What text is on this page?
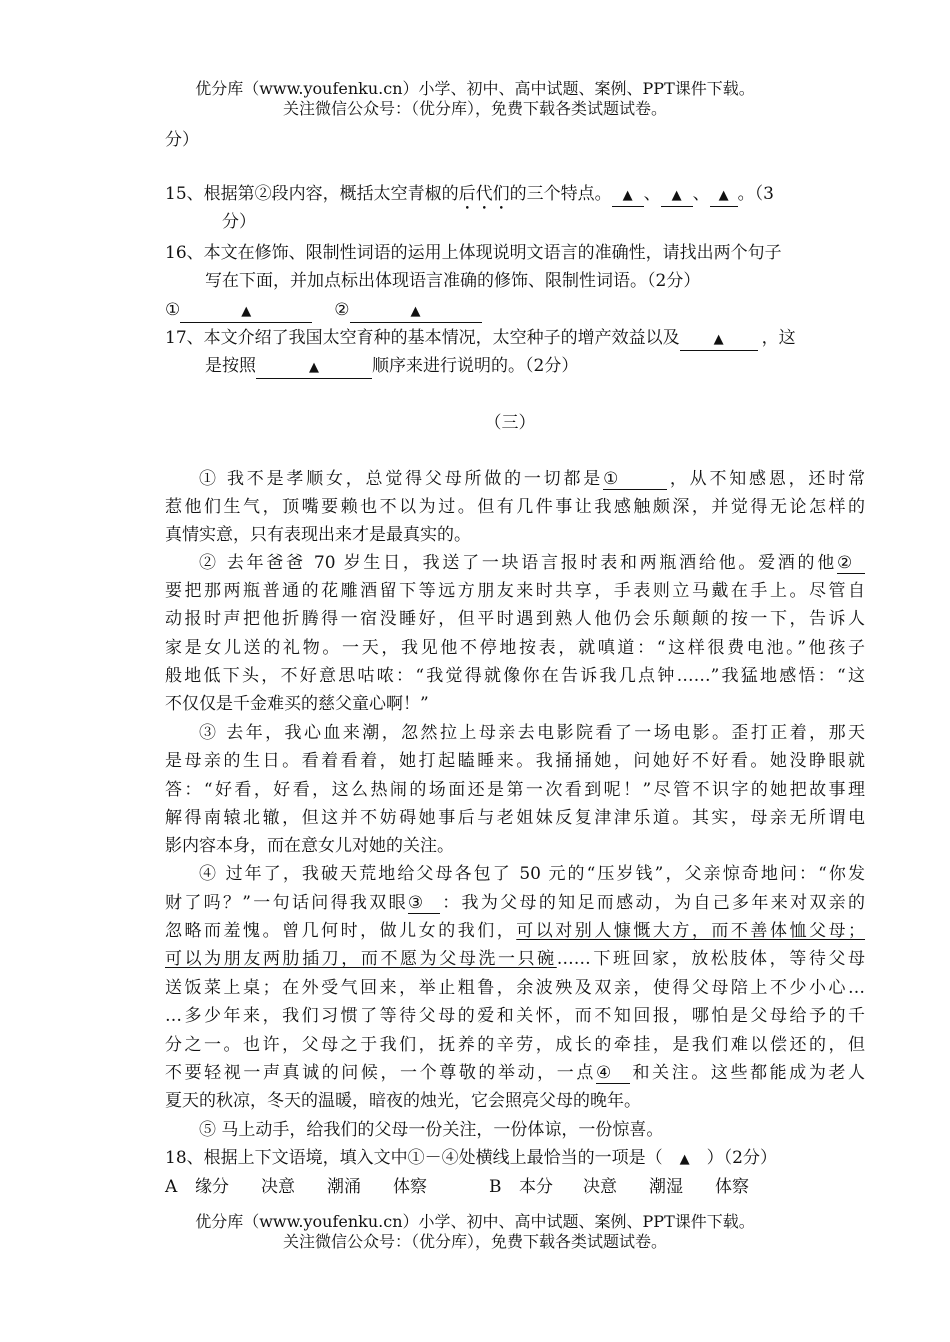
优分库（www.youfenku.cn）小学、初中、高中试题、案例、PPT课件下载。
关注微信公众号：（优分库），免费下载各类试题试卷。
分）
15、根据第②段内容，概括太空青椒的后代们的三个特点。 ▲ 、 ▲ 、 ▲ 。（3
分）
16、本文在修饰、限制性词语的运用上体现说明文语言的准确性，请找出两个句子
写在下面，并加点标出体现语言准确的修饰、限制性词语。（2分）
①	▲	②	▲
17、本文介绍了我国太空育种的基本情况，太空种子的增产效益以及	▲ ，这
是按照	▲	顺序来进行说明的。（2分）
（三）
① 我不是孝顺女，总觉得父母所做的一切都是①	，从不知感恩，还时常
惹他们生气，顶嘴要赖也不以为过。但有几件事让我感触颇深，并觉得无论怎样的
真情实意，只有表现出来才是最真实的。
② 去年爸爸 70 岁生日，我送了一块语言报时表和两瓶酒给他。爱酒的他②
要把那两瓶普通的花雕酒留下等远方朋友来时共享，手表则立马戴在手上。尽管自
动报时声把他折腾得一宿没睡好，但平时遇到熟人他仍会乐颠颠的按一下，告诉人
家是女儿送的礼物。一天，我见他不停地按表，就嗔道：“这样很费电池。”他孩子
般地低下头，不好意思咕哝：“我觉得就像你在告诉我几点钟……”我猛地感悟：“这
不仅仅是千金难买的慈父童心啊！”
③ 去年，我心血来潮，忽然拉上母亲去电影院看了一场电影。歪打正着，那天
是母亲的生日。看着看着，她打起瞌睡来。我捅捅她，问她好不好看。她没睁眼就
答：“好看，好看，这么热闹的场面还是第一次看到呢！”尽管不识字的她把故事理
解得南辕北辙，但这并不妨碍她事后与老姐妹反复津津乐道。其实，母亲无所谓电
影内容本身，而在意女儿对她的关注。
④ 过年了，我破天荒地给父母各包了 50 元的“压岁钱”，父亲惊奇地问：“你发
财了吗？”一句话问得我双眼③ ：我为父母的知足而感动，为自己多年来对双亲的
忽略而羞愧。曾几何时，做儿女的我们，可以对别人慷慨大方，而不善体恤父母；
可以为朋友两肋插刀，而不愿为父母洗一只碗……下班回家，放松肢体，等待父母
送饭菜上桌；在外受气回来，举止粗鲁，余波殃及双亲，使得父母陪上不少小心…
…多少年来，我们习惯了等待父母的爱和关怀，而不知回报，哪怕是父母给予的千
分之一。也许，父母之于我们，抚养的辛劳，成长的牵挂，是我们难以偿还的，但
不要轻视一声真诚的问候，一个尊敬的举动，一点④ 和关注。这些都能成为老人
夏天的秋凉，冬天的温暖，暗夜的烛光，它会照亮父母的晚年。
⑤ 马上动手，给我们的父母一份关注，一份体谅，一份惊喜。
18、根据上下文语境，填入文中①－④处横线上最恰当的一项是（ ▲ ）（2分）
A 缘分 决意 潮涌 体察	B 本分 决意 潮湿 体察
优分库（www.youfenku.cn）小学、初中、高中试题、案例、PPT课件下载。
关注微信公众号：（优分库），免费下载各类试题试卷。
